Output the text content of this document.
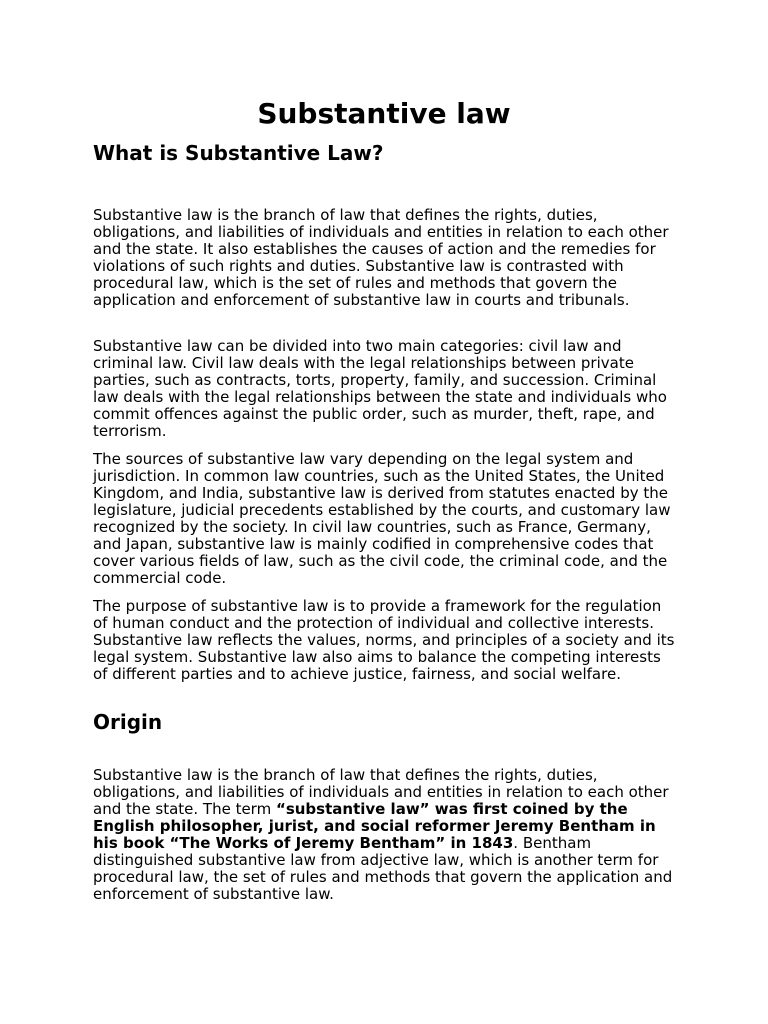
Substantive law
What is Substantive Law?

Substantive law is the branch of law that defines the rights, duties, obligations, and liabilities of individuals and entities in relation to each other and the state. It also establishes the causes of action and the remedies for violations of such rights and duties. Substantive law is contrasted with procedural law, which is the set of rules and methods that govern the application and enforcement of substantive law in courts and tribunals.

Substantive law can be divided into two main categories: civil law and criminal law. Civil law deals with the legal relationships between private parties, such as contracts, torts, property, family, and succession. Criminal law deals with the legal relationships between the state and individuals who commit offences against the public order, such as murder, theft, rape, and terrorism.

The sources of substantive law vary depending on the legal system and jurisdiction. In common law countries, such as the United States, the United Kingdom, and India, substantive law is derived from statutes enacted by the legislature, judicial precedents established by the courts, and customary law recognized by the society. In civil law countries, such as France, Germany, and Japan, substantive law is mainly codified in comprehensive codes that cover various fields of law, such as the civil code, the criminal code, and the commercial code.

The purpose of substantive law is to provide a framework for the regulation of human conduct and the protection of individual and collective interests. Substantive law reflects the values, norms, and principles of a society and its legal system. Substantive law also aims to balance the competing interests of different parties and to achieve justice, fairness, and social welfare.

Origin

Substantive law is the branch of law that defines the rights, duties, obligations, and liabilities of individuals and entities in relation to each other and the state. The term “substantive law” was first coined by the English philosopher, jurist, and social reformer Jeremy Bentham in his book “The Works of Jeremy Bentham” in 1843. Bentham distinguished substantive law from adjective law, which is another term for procedural law, the set of rules and methods that govern the application and enforcement of substantive law.
